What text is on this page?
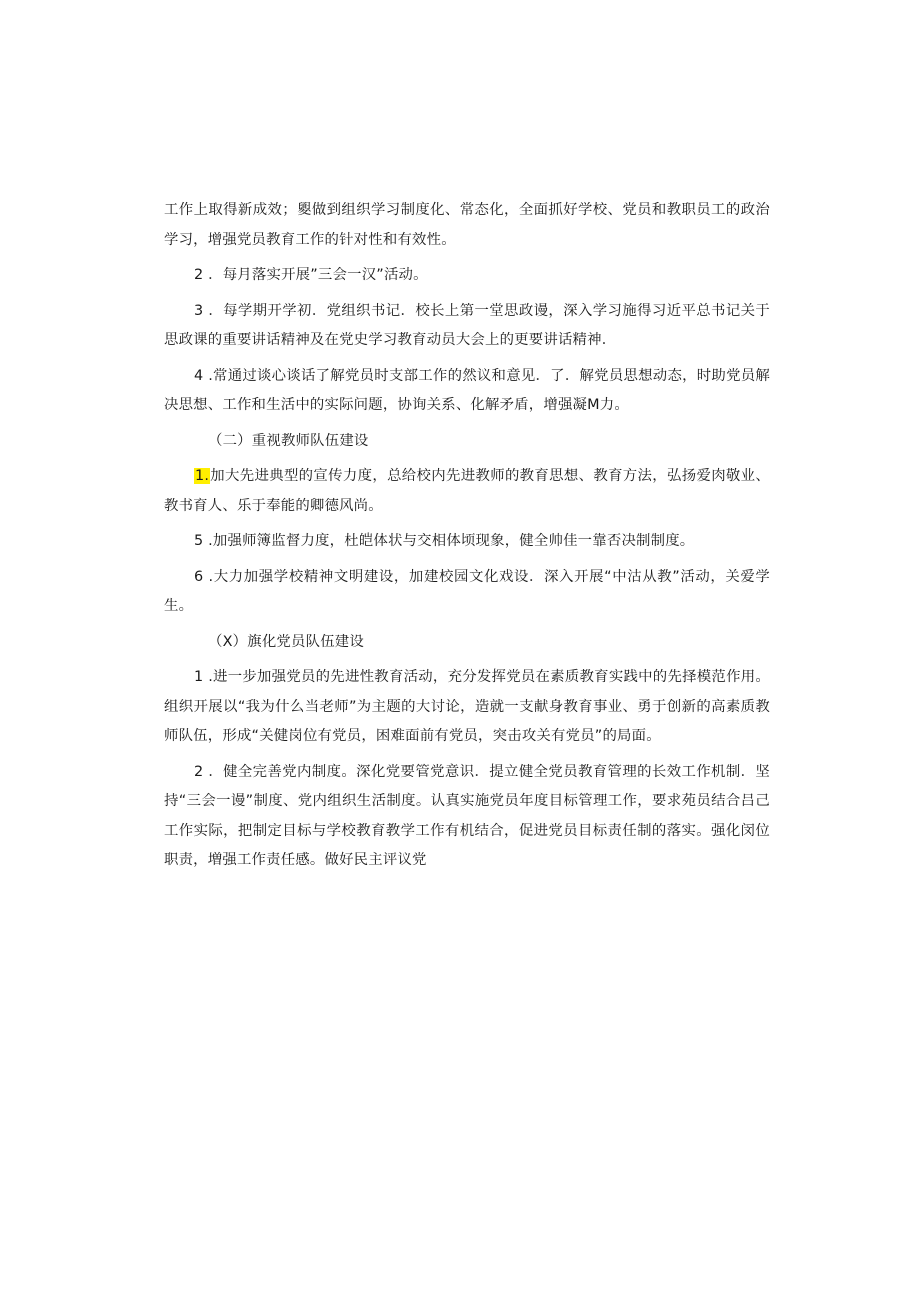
工作上取得新成效；夓做到组织学习制度化、常态化，全面抓好学校、党员和教职员工的政治学习，增强党员教育工作的针对性和有效性。

2 ．每月落实开展”三会一汉”活动。

3 ．每学期开学初．党组织书记．校长上第一堂思政谩，深入学习施得习近平总书记关于思政课的重要讲话精神及在党史学习教育动员大会上的更要讲话精神．

4 .常通过谈心谈话了解党员时支部工作的然议和意见．了．解党员思想动态，时助党员解决思想、工作和生活中的实际问题，协询关系、化解矛盾，增强凝M力。

（二）重视教师队伍建设

1.加大先进典型的宣传力度，总给校内先进教师的教育思想、教育方法，弘扬爱肉敬业、教书育人、乐于奉能的卿德风尚。

5 .加强师簿监督力度，杜皑体状与交相体顷现象，健全帅佳一靠否决制制度。

6 .大力加强学校精神文明建设，加建校园文化戏设．深入开展“中沽从教”活动，关爱学生。

（X）旗化党员队伍建设

1 .进一步加强党员的先进性教育活动，充分发挥党员在素质教育实践中的先择模范作用。组织开展以“我为什么当老师”为主题的大讨论，造就一支献身教育事业、勇于创新的高素质教师队伍，形成“关健岗位有党员，困难面前有党员，突击攻关有党员”的局面。

2 ．健全完善党内制度。深化党要管党意识．提立健全党员教育管理的长效工作机制．坚持“三会一谩”制度、党内组织生活制度。认真实施党员年度目标管理工作，要求苑员结合吕己工作实际，把制定目标与学校教育教学工作有机结合，促进党员目标责任制的落实。强化闵位职责，増强工作责任感。做好民主评议党
